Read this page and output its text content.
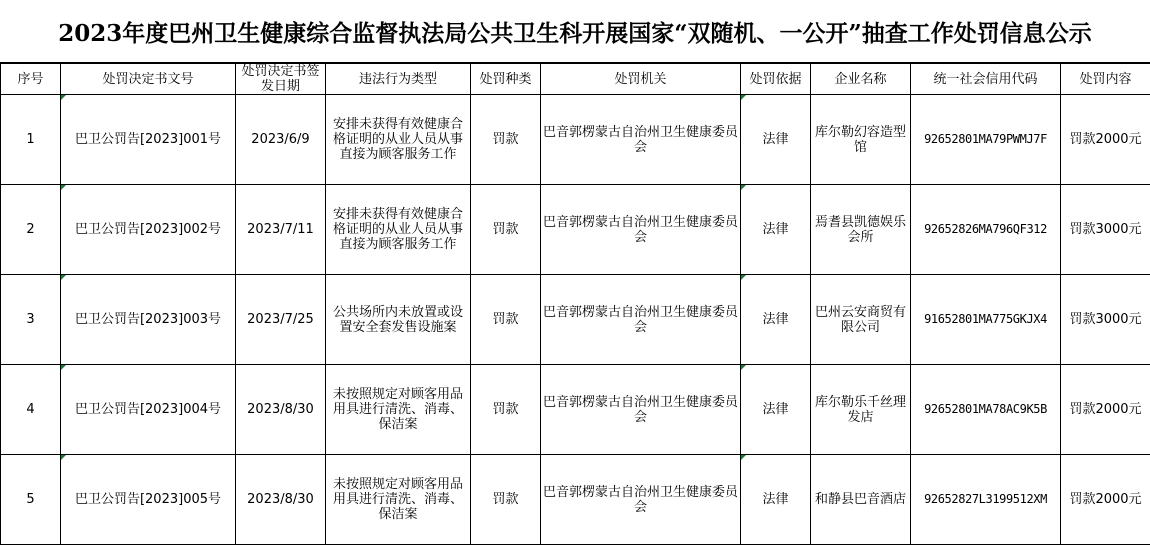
2023年度巴州卫生健康综合监督执法局公共卫生科开展国家“双随机、一公开”抽查工作处罚信息公示
序号	处罚决定书文号	处罚决定书签发日期	违法行为类型	处罚种类	处罚机关	处罚依据	企业名称	统一社会信用代码	处罚内容
1	巴卫公罚告[2023]001号	2023/6/9	安排未获得有效健康合格证明的从业人员从事直接为顾客服务工作	罚款	巴音郭楞蒙古自治州卫生健康委员会	法律	库尔勒幻容造型馆	92652801MA79PWMJ7F	罚款2000元
2	巴卫公罚告[2023]002号	2023/7/11	安排未获得有效健康合格证明的从业人员从事直接为顾客服务工作	罚款	巴音郭楞蒙古自治州卫生健康委员会	法律	焉耆县凯德娱乐会所	92652826MA796QF312	罚款3000元
3	巴卫公罚告[2023]003号	2023/7/25	公共场所内未放置或设置安全套发售设施案	罚款	巴音郭楞蒙古自治州卫生健康委员会	法律	巴州云安商贸有限公司	91652801MA775GKJX4	罚款3000元
4	巴卫公罚告[2023]004号	2023/8/30	未按照规定对顾客用品用具进行清洗、消毒、保洁案	罚款	巴音郭楞蒙古自治州卫生健康委员会	法律	库尔勒乐千丝理发店	92652801MA78AC9K5B	罚款2000元
5	巴卫公罚告[2023]005号	2023/8/30	未按照规定对顾客用品用具进行清洗、消毒、保洁案	罚款	巴音郭楞蒙古自治州卫生健康委员会	法律	和静县巴音酒店	92652827L3199512XM	罚款2000元
